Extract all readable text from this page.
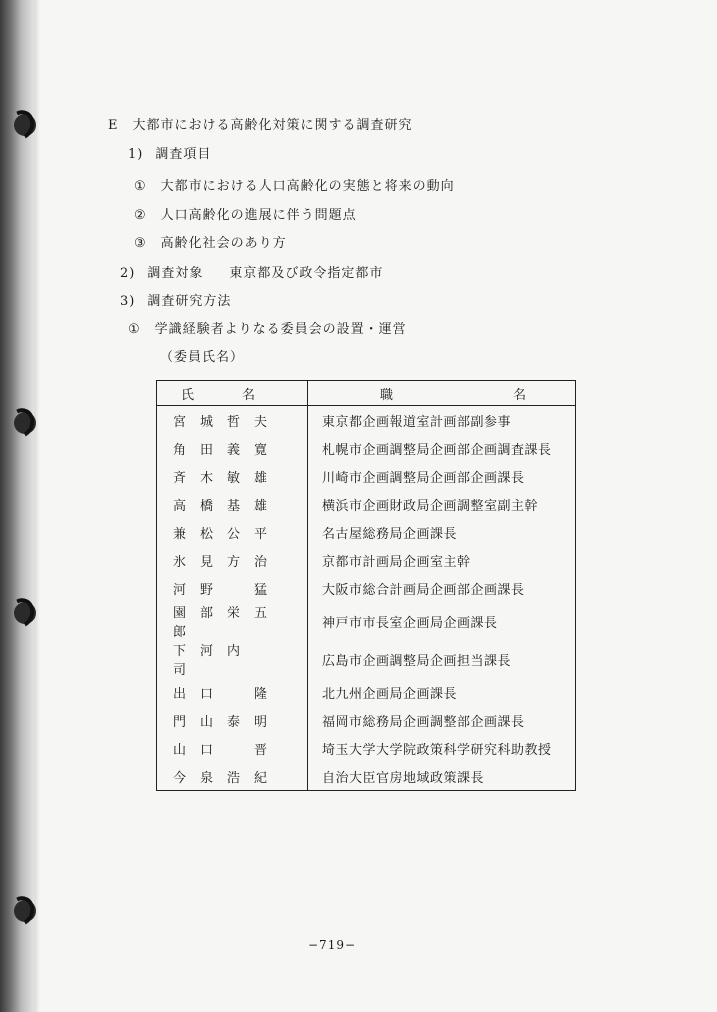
E 大都市における高齢化対策に関する調査研究
1) 調査項目
① 大都市における人口高齢化の実態と将来の動向
② 人口高齢化の進展に伴う問題点
③ 高齢化社会のあり方
2) 調査対象 東京都及び政令指定都市
3) 調査研究方法
① 学識経験者よりなる委員会の設置・運営
（委員氏名）
氏 名	職 名
宮城哲夫	東京都企画報道室計画部副参事
角田義寛	札幌市企画調整局企画部企画調査課長
斉木敏雄	川崎市企画調整局企画部企画課長
高橋基雄	横浜市企画財政局企画調整室副主幹
兼松公平	名古屋総務局企画課長
氷見方治	京都市計画局企画室主幹
河野　猛	大阪市総合計画局企画部企画課長
園部栄五郎	神戸市市長室企画局企画課長
下河内　司	広島市企画調整局企画担当課長
出口　隆	北九州企画局企画課長
門山泰明	福岡市総務局企画調整部企画課長
山口　晋	埼玉大学大学院政策科学研究科助教授
今泉浩紀	自治大臣官房地域政策課長
−719−
